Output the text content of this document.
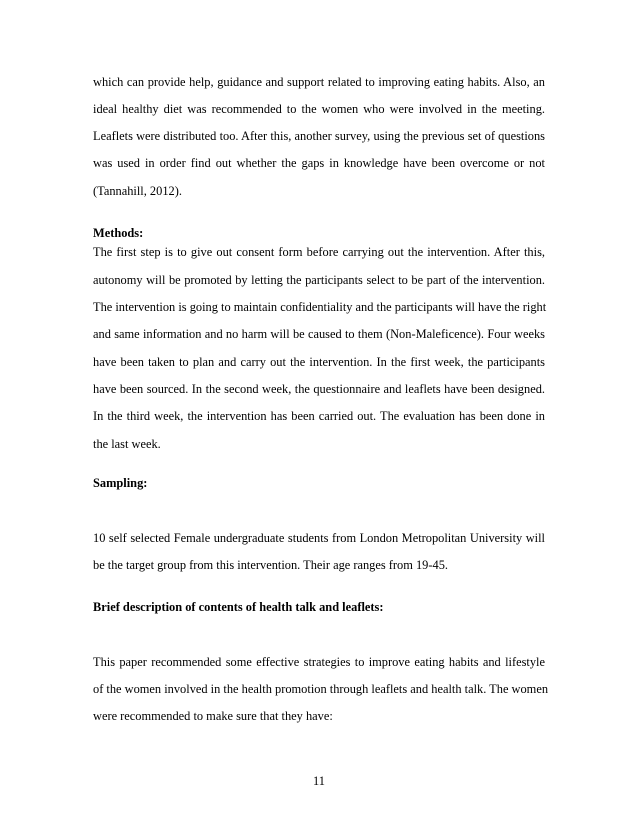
which can provide help, guidance and support related to improving eating habits. Also, an
ideal healthy diet was recommended to the women who were involved in the meeting.
Leaflets were distributed too. After this, another survey, using the previous set of questions
was used in order find out whether the gaps in knowledge have been overcome or not
(Tannahill, 2012).
Methods:
The first step is to give out consent form before carrying out the intervention. After this,
autonomy will be promoted by letting the participants select to be part of the intervention.
The intervention is going to maintain confidentiality and the participants will have the right
and same information and no harm will be caused to them (Non-Maleficence). Four weeks
have been taken to plan and carry out the intervention. In the first week, the participants
have been sourced. In the second week, the questionnaire and leaflets have been designed.
In the third week, the intervention has been carried out. The evaluation has been done in
the last week.
Sampling:
10 self selected Female undergraduate students from London Metropolitan University will
be the target group from this intervention. Their age ranges from 19-45.
Brief description of contents of health talk and leaflets:
This paper recommended some effective strategies to improve eating habits and lifestyle
of the women involved in the health promotion through leaflets and health talk. The women
were recommended to make sure that they have:
11
